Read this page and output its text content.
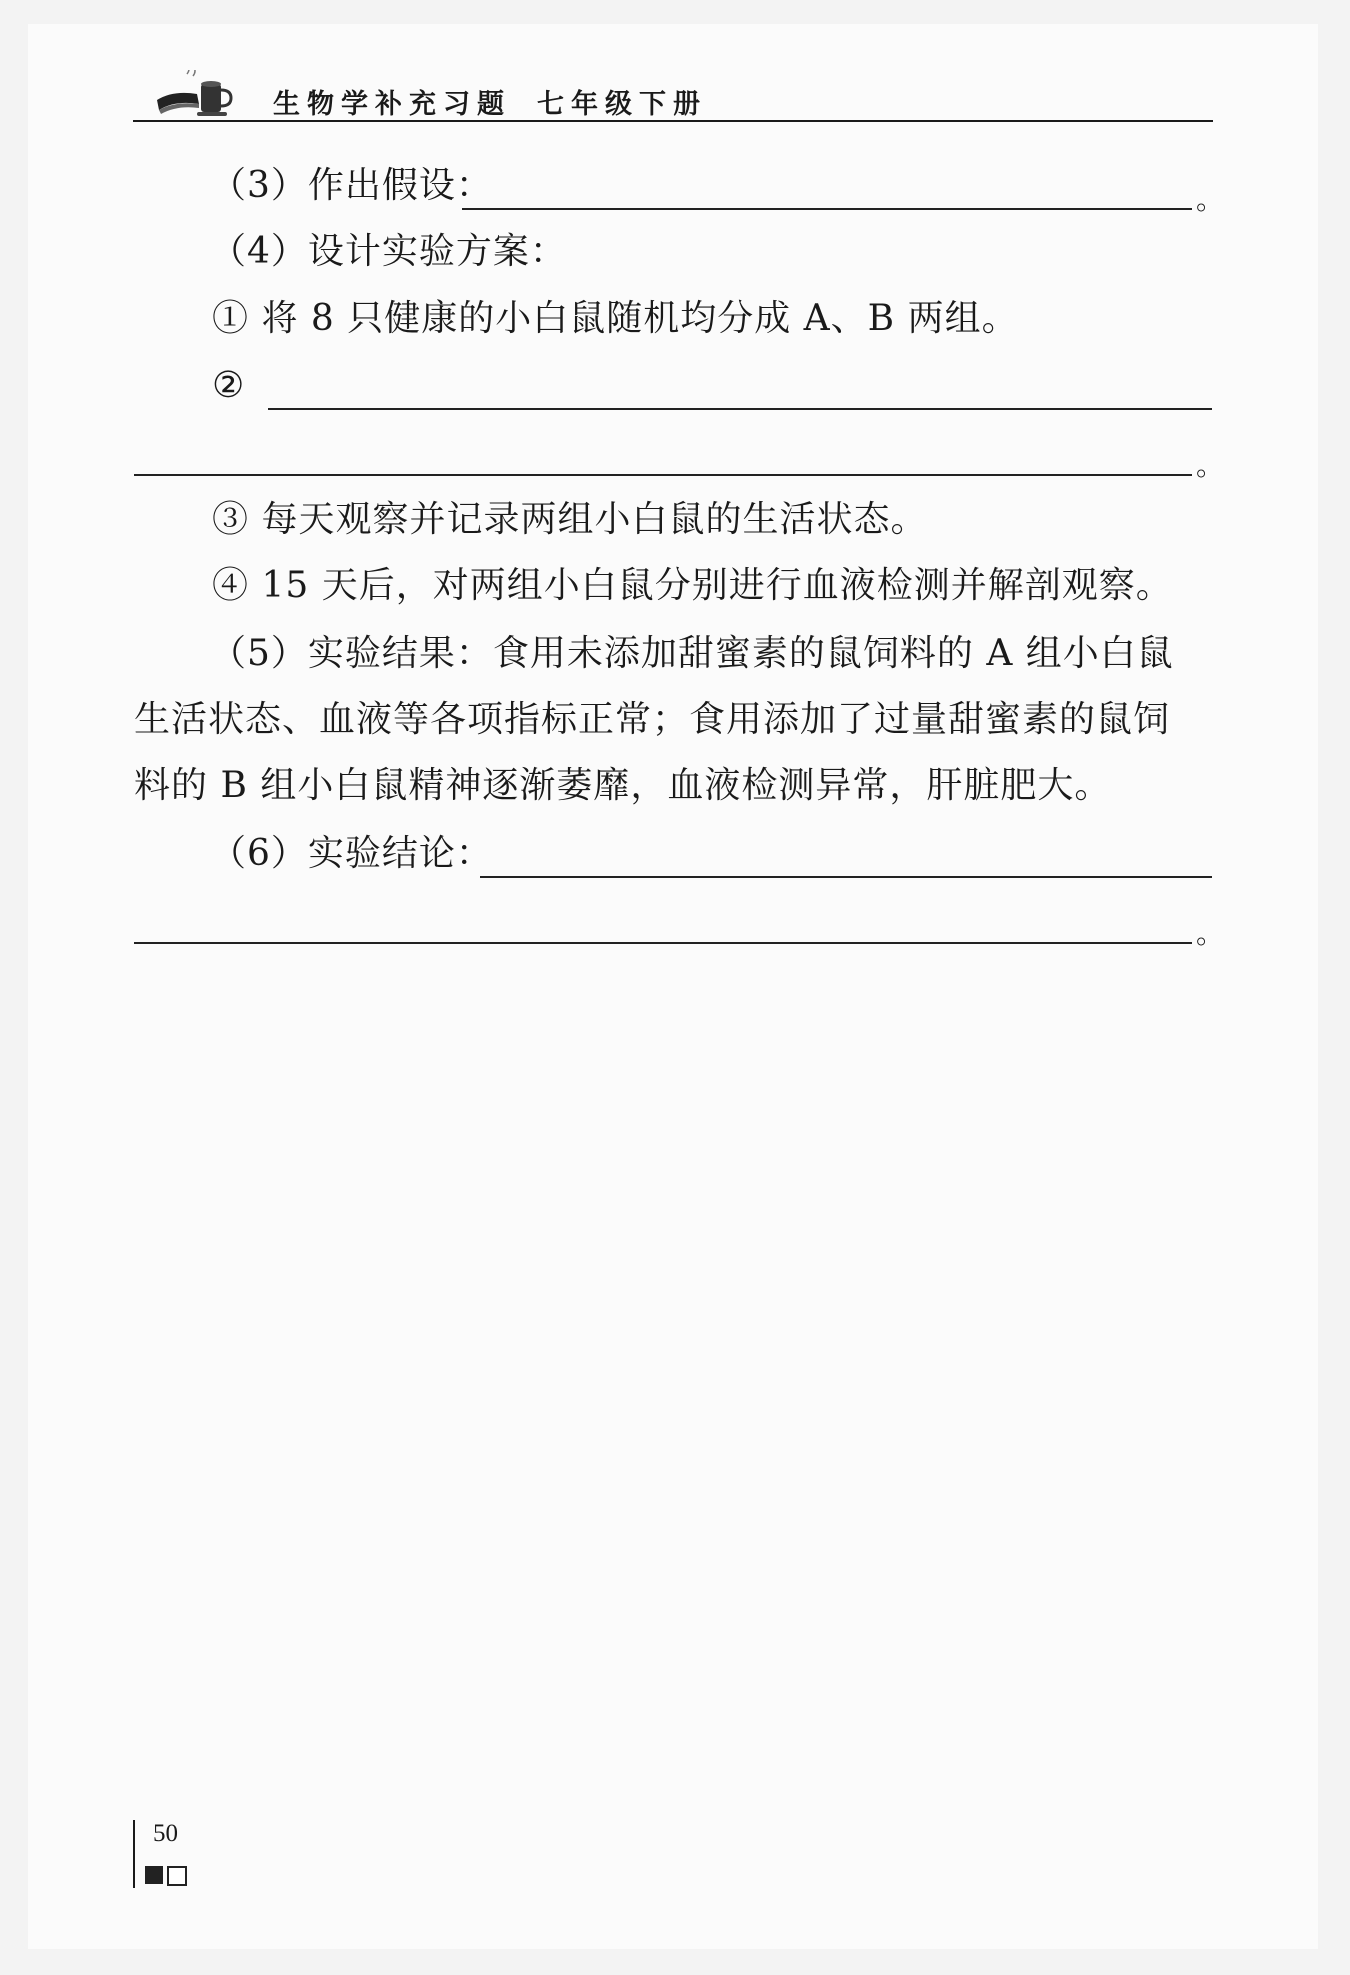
生物学补充习题 七年级下册
（3）作出假设：	。
（4）设计实验方案：
① 将 8 只健康的小白鼠随机均分成 A、B 两组。
②
。
③ 每天观察并记录两组小白鼠的生活状态。
④ 15 天后，对两组小白鼠分别进行血液检测并解剖观察。
（5）实验结果：食用未添加甜蜜素的鼠饲料的 A 组小白鼠
生活状态、血液等各项指标正常；食用添加了过量甜蜜素的鼠饲
料的 B 组小白鼠精神逐渐萎靡，血液检测异常，肝脏肥大。
（6）实验结论：
。
50
